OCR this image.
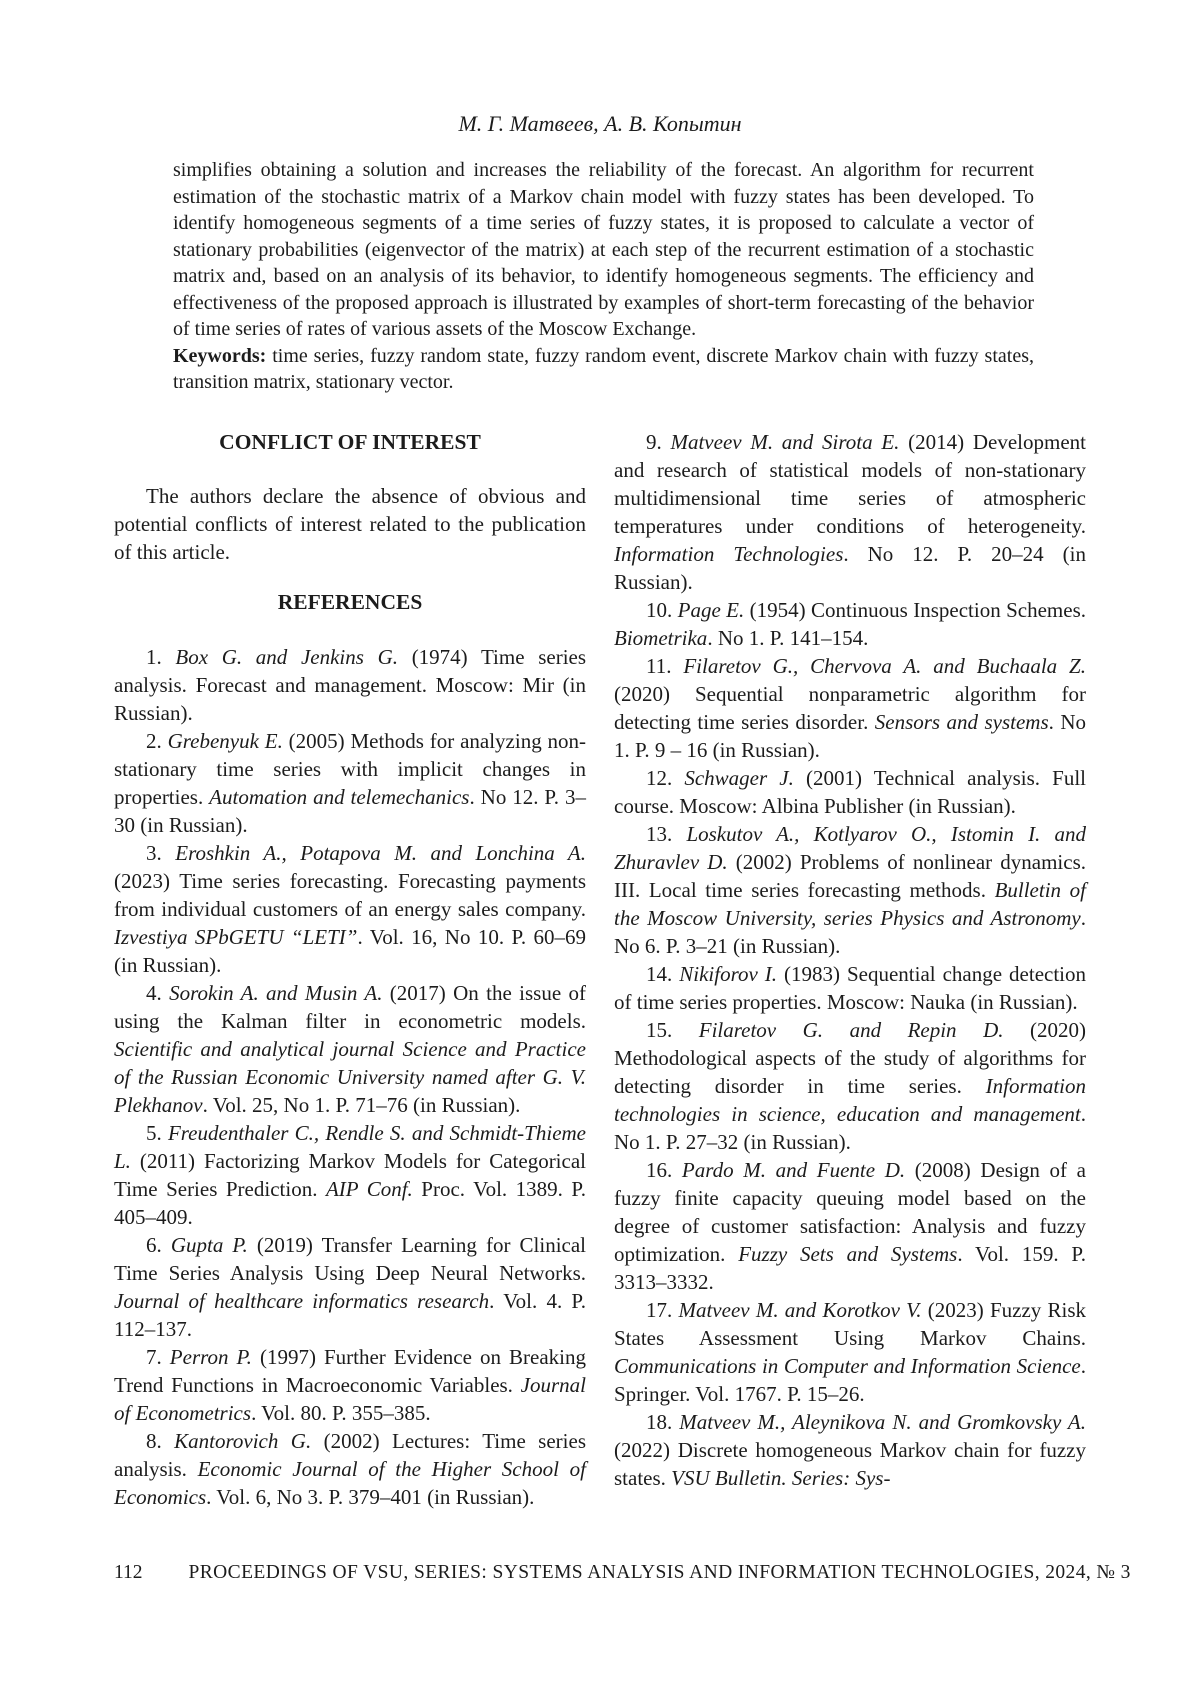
М. Г. Матвеев, А. В. Копытин

simplifies obtaining a solution and increases the reliability of the forecast. An algorithm for recurrent estimation of the stochastic matrix of a Markov chain model with fuzzy states has been developed. To identify homogeneous segments of a time series of fuzzy states, it is proposed to calculate a vector of stationary probabilities (eigenvector of the matrix) at each step of the recurrent estimation of a stochastic matrix and, based on an analysis of its behavior, to identify homogeneous segments. The efficiency and effectiveness of the proposed approach is illustrated by examples of short-term forecasting of the behavior of time series of rates of various assets of the Moscow Exchange.

Keywords: time series, fuzzy random state, fuzzy random event, discrete Markov chain with fuzzy states, transition matrix, stationary vector.

CONFLICT OF INTEREST

The authors declare the absence of obvious and potential conflicts of interest related to the publication of this article.

REFERENCES

1. Box G. and Jenkins G. (1974) Time series analysis. Forecast and management. Moscow: Mir (in Russian).

2. Grebenyuk E. (2005) Methods for analyzing non-stationary time series with implicit changes in properties. Automation and telemechanics. No 12. P. 3–30 (in Russian).

3. Eroshkin A., Potapova M. and Lonchina A. (2023) Time series forecasting. Forecasting payments from individual customers of an energy sales company. Izvestiya SPbGETU “LETI”. Vol. 16, No 10. P. 60–69 (in Russian).

4. Sorokin A. and Musin A. (2017) On the issue of using the Kalman filter in econometric models. Scientific and analytical journal Science and Practice of the Russian Economic University named after G. V. Plekhanov. Vol. 25, No 1. P. 71–76 (in Russian).

5. Freudenthaler C., Rendle S. and Schmidt-Thieme L. (2011) Factorizing Markov Models for Categorical Time Series Prediction. AIP Conf. Proc. Vol. 1389. P. 405–409.

6. Gupta P. (2019) Transfer Learning for Clinical Time Series Analysis Using Deep Neural Networks. Journal of healthcare informatics research. Vol. 4. P. 112–137.

7. Perron P. (1997) Further Evidence on Breaking Trend Functions in Macroeconomic Variables. Journal of Econometrics. Vol. 80. P. 355–385.

8. Kantorovich G. (2002) Lectures: Time series analysis. Economic Journal of the Higher School of Economics. Vol. 6, No 3. P. 379–401 (in Russian).

9. Matveev M. and Sirota E. (2014) Development and research of statistical models of non-stationary multidimensional time series of atmospheric temperatures under conditions of heterogeneity. Information Technologies. No 12. P. 20–24 (in Russian).

10. Page E. (1954) Continuous Inspection Schemes. Biometrika. No 1. P. 141–154.

11. Filaretov G., Chervova A. and Buchaala Z. (2020) Sequential nonparametric algorithm for detecting time series disorder. Sensors and systems. No 1. P. 9 – 16 (in Russian).

12. Schwager J. (2001) Technical analysis. Full course. Moscow: Albina Publisher (in Russian).

13. Loskutov A., Kotlyarov O., Istomin I. and Zhuravlev D. (2002) Problems of nonlinear dynamics. III. Local time series forecasting methods. Bulletin of the Moscow University, series Physics and Astronomy. No 6. P. 3–21 (in Russian).

14. Nikiforov I. (1983) Sequential change detection of time series properties. Moscow: Nauka (in Russian).

15. Filaretov G. and Repin D. (2020) Methodological aspects of the study of algorithms for detecting disorder in time series. Information technologies in science, education and management. No 1. P. 27–32 (in Russian).

16. Pardo M. and Fuente D. (2008) Design of a fuzzy finite capacity queuing model based on the degree of customer satisfaction: Analysis and fuzzy optimization. Fuzzy Sets and Systems. Vol. 159. P. 3313–3332.

17. Matveev M. and Korotkov V. (2023) Fuzzy Risk States Assessment Using Markov Chains. Communications in Computer and Information Science. Springer. Vol. 1767. P. 15–26.

18. Matveev M., Aleynikova N. and Gromkovsky A. (2022) Discrete homogeneous Markov chain for fuzzy states. VSU Bulletin. Series: Sys-

112 PROCEEDINGS OF VSU, SERIES: SYSTEMS ANALYSIS AND INFORMATION TECHNOLOGIES, 2024, № 3
